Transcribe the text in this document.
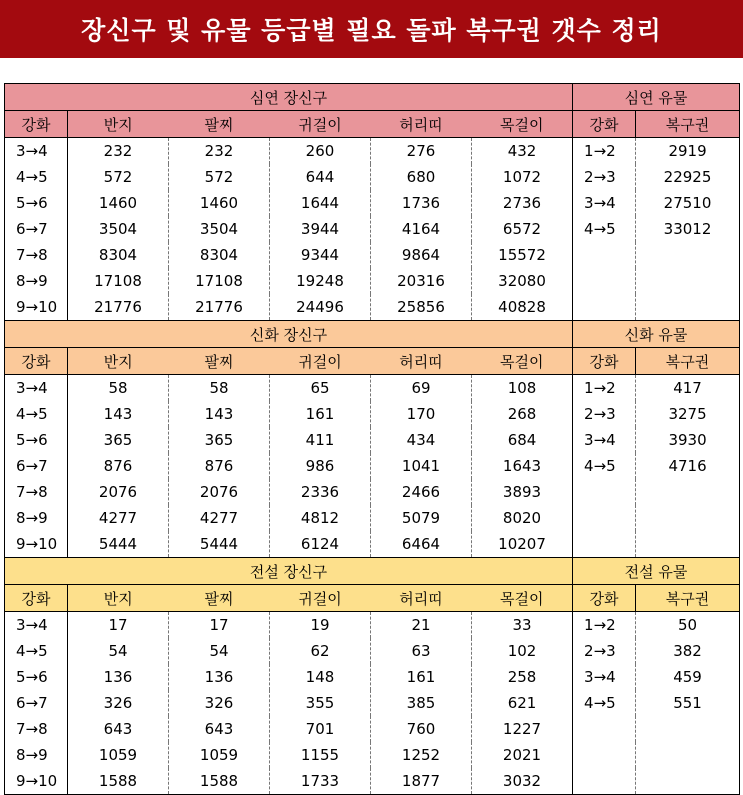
장신구 및 유물 등급별 필요 돌파 복구권 갯수 정리
심연 장신구						심연 유물	
강화	반지	팔찌	귀걸이	허리띠	목걸이	강화	복구권
3→4	232	232	260	276	432	1→2	2919
4→5	572	572	644	680	1072	2→3	22925
5→6	1460	1460	1644	1736	2736	3→4	27510
6→7	3504	3504	3944	4164	6572	4→5	33012
7→8	8304	8304	9344	9864	15572		
8→9	17108	17108	19248	20316	32080		
9→10	21776	21776	24496	25856	40828		
신화 장신구						신화 유물	
강화	반지	팔찌	귀걸이	허리띠	목걸이	강화	복구권
3→4	58	58	65	69	108	1→2	417
4→5	143	143	161	170	268	2→3	3275
5→6	365	365	411	434	684	3→4	3930
6→7	876	876	986	1041	1643	4→5	4716
7→8	2076	2076	2336	2466	3893		
8→9	4277	4277	4812	5079	8020		
9→10	5444	5444	6124	6464	10207		
전설 장신구						전설 유물	
강화	반지	팔찌	귀걸이	허리띠	목걸이	강화	복구권
3→4	17	17	19	21	33	1→2	50
4→5	54	54	62	63	102	2→3	382
5→6	136	136	148	161	258	3→4	459
6→7	326	326	355	385	621	4→5	551
7→8	643	643	701	760	1227		
8→9	1059	1059	1155	1252	2021		
9→10	1588	1588	1733	1877	3032		
